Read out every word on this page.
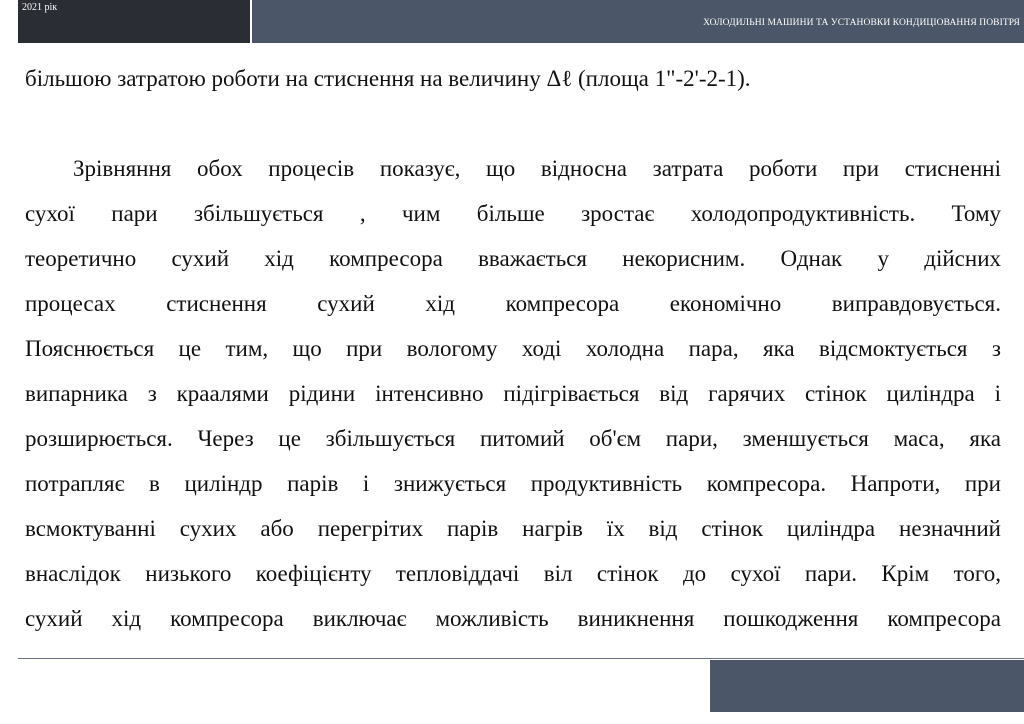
2021 рік
ХОЛОДИЛЬНІ МАШИНИ ТА УСТАНОВКИ КОНДИЦІОВАННЯ ПОВІТРЯ
більшою затратою роботи на стиснення на величину Δℓ (площа 1"-2'-2-1).
Зрівняння обох процесів показує, що відносна затрата роботи при стисненні
сухої пари збільшується , чим більше зростає холодопродуктивність. Тому
теоретично сухий хід компресора вважається некорисним. Однак у дійсних
процесах стиснення сухий хід компресора економічно виправдовується.
Пояснюється це тим, що при вологому ході холодна пара, яка відсмоктується з
випарника з краалями рідини інтенсивно підігрівається від гарячих стінок циліндра і
розширюється. Через це збільшується питомий об'єм пари, зменшується маса, яка
потрапляє в циліндр парів і знижується продуктивність компресора. Напроти, при
всмоктуванні сухих або перегрітих парів нагрів їх від стінок циліндра незначний
внаслідок низького коефіцієнту тепловіддачі віл стінок до сухої пари. Крім того,
сухий хід компресора виключає можливість виникнення пошкодження компресора
